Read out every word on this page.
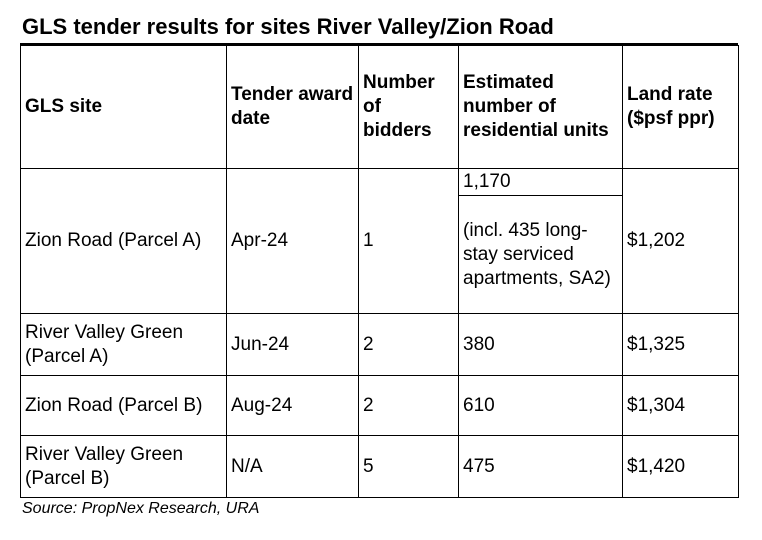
GLS tender results for sites River Valley/Zion Road
GLS site	Tender award date	Number of bidders	Estimated number of residential units	Land rate ($psf ppr)
Zion Road (Parcel A)	Apr-24	1	1,170	$1,202
			(incl. 435 long-stay serviced apartments, SA2)	
River Valley Green (Parcel A)	Jun-24	2	380	$1,325
Zion Road (Parcel B)	Aug-24	2	610	$1,304
River Valley Green (Parcel B)	N/A	5	475	$1,420
Source: PropNex Research, URA
